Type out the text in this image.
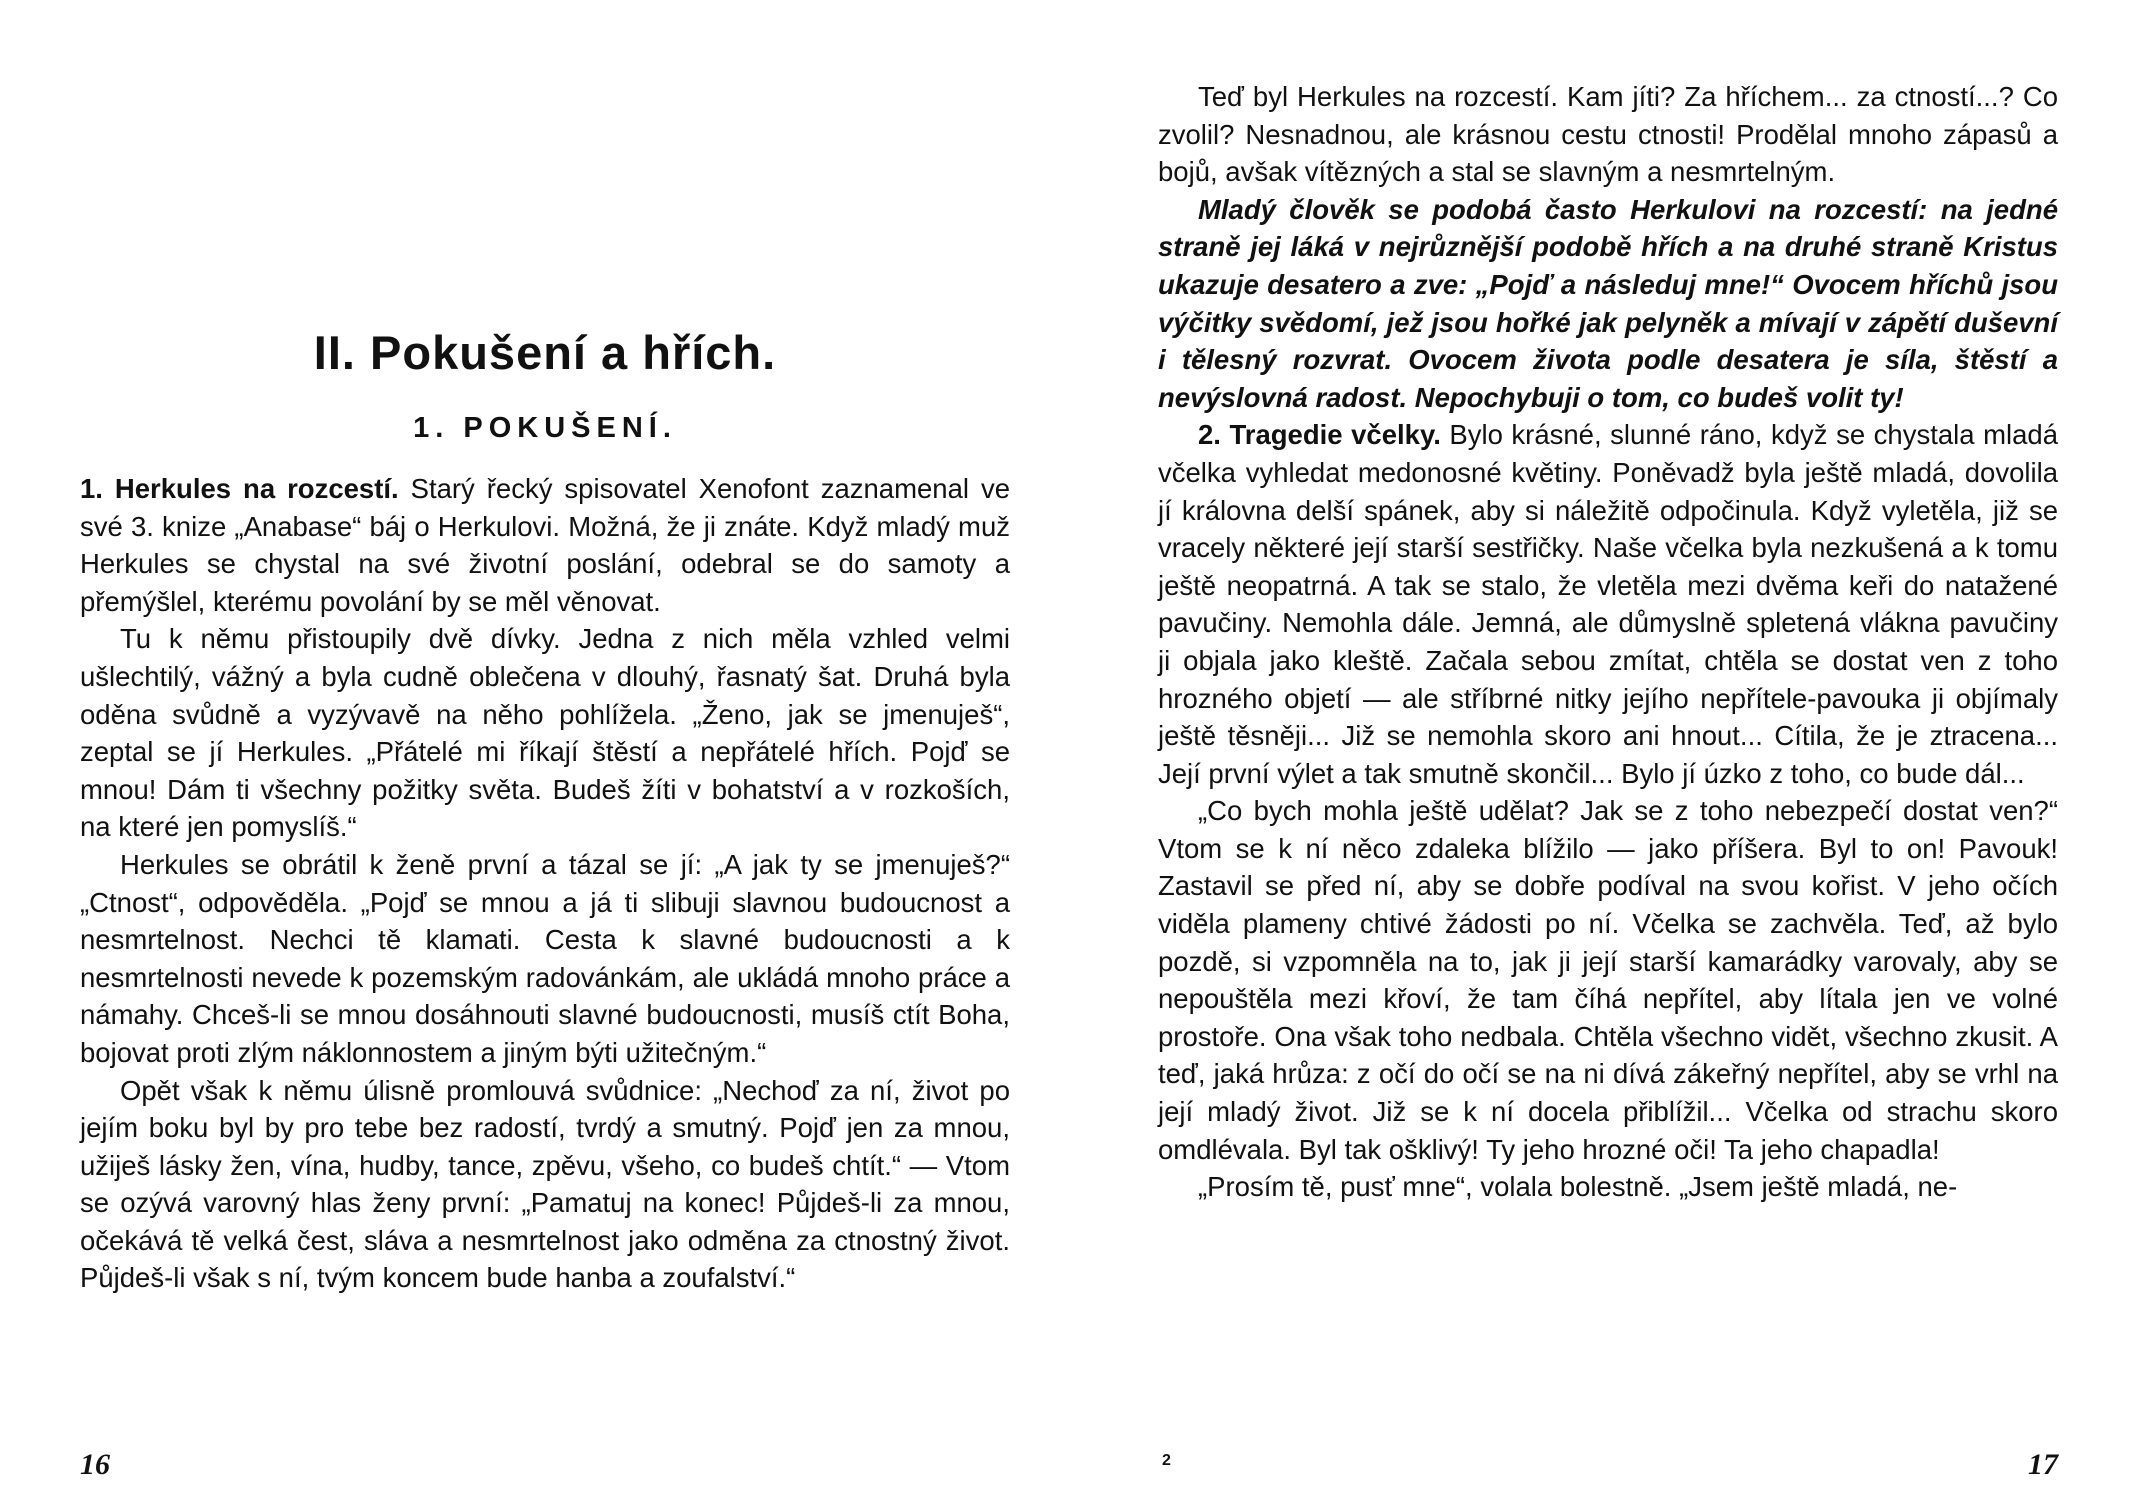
II. Pokušení a hřích.
1. POKUŠENÍ.

1. Herkules na rozcestí. Starý řecký spisovatel Xenofont zaznamenal ve své 3. knize „Anabase“ báj o Herkulovi. Možná, že ji znáte. Když mladý muž Herkules se chystal na své životní poslání, odebral se do samoty a přemýšlel, kterému povolání by se měl věnovat.

Tu k němu přistoupily dvě dívky. Jedna z nich měla vzhled velmi ušlechtilý, vážný a byla cudně oblečena v dlouhý, řasnatý šat. Druhá byla oděna svůdně a vyzývavě na něho pohlížela. „Ženo, jak se jmenuješ“, zeptal se jí Herkules. „Přátelé mi říkají štěstí a nepřátelé hřích. Pojď se mnou! Dám ti všechny požitky světa. Budeš žíti v bohatství a v rozkoších, na které jen pomyslíš.“

Herkules se obrátil k ženě první a tázal se jí: „A jak ty se jmenuješ?“ „Ctnost“, odpověděla. „Pojď se mnou a já ti slibuji slavnou budoucnost a nesmrtelnost. Nechci tě klamati. Cesta k slavné budoucnosti a k nesmrtelnosti nevede k pozemským radovánkám, ale ukládá mnoho práce a námahy. Chceš-li se mnou dosáhnouti slavné budoucnosti, musíš ctít Boha, bojovat proti zlým náklonnostem a jiným býti užitečným.“

Opět však k němu úlisně promlouvá svůdnice: „Nechoď za ní, život po jejím boku byl by pro tebe bez radostí, tvrdý a smutný. Pojď jen za mnou, užiješ lásky žen, vína, hudby, tance, zpěvu, všeho, co budeš chtít.“ — Vtom se ozývá varovný hlas ženy první: „Pamatuj na konec! Půjdeš-li za mnou, očekává tě velká čest, sláva a nesmrtelnost jako odměna za ctnostný život. Půjdeš-li však s ní, tvým koncem bude hanba a zoufalství.“

16

Teď byl Herkules na rozcestí. Kam jíti? Za hříchem... za ctností...? Co zvolil? Nesnadnou, ale krásnou cestu ctnosti! Prodělal mnoho zápasů a bojů, avšak vítězných a stal se slavným a nesmrtelným.

Mladý člověk se podobá často Herkulovi na rozcestí: na jedné straně jej láká v nejrůznější podobě hřích a na druhé straně Kristus ukazuje desatero a zve: „Pojď a následuj mne!“ Ovocem hříchů jsou výčitky svědomí, jež jsou hořké jak pelyněk a mívají v zápětí duševní i tělesný rozvrat. Ovocem života podle desatera je síla, štěstí a nevýslovná radost. Nepochybuji o tom, co budeš volit ty!

2. Tragedie včelky. Bylo krásné, slunné ráno, když se chystala mladá včelka vyhledat medonosné květiny. Poněvadž byla ještě mladá, dovolila jí královna delší spánek, aby si náležitě odpočinula. Když vyletěla, již se vracely některé její starší sestřičky. Naše včelka byla nezkušená a k tomu ještě neopatrná. A tak se stalo, že vletěla mezi dvěma keři do natažené pavučiny. Nemohla dále. Jemná, ale důmyslně spletená vlákna pavučiny ji objala jako kleště. Začala sebou zmítat, chtěla se dostat ven z toho hrozného objetí — ale stříbrné nitky jejího nepřítele-pavouka ji objímaly ještě těsněji... Již se nemohla skoro ani hnout... Cítila, že je ztracena... Její první výlet a tak smutně skončil... Bylo jí úzko z toho, co bude dál...

„Co bych mohla ještě udělat? Jak se z toho nebezpečí dostat ven?“ Vtom se k ní něco zdaleka blížilo — jako příšera. Byl to on! Pavouk! Zastavil se před ní, aby se dobře podíval na svou kořist. V jeho očích viděla plameny chtivé žádosti po ní. Včelka se zachvěla. Teď, až bylo pozdě, si vzpomněla na to, jak ji její starší kamarádky varovaly, aby se nepouštěla mezi křoví, že tam číhá nepřítel, aby lítala jen ve volné prostoře. Ona však toho nedbala. Chtěla všechno vidět, všechno zkusit. A teď, jaká hrůza: z očí do očí se na ni dívá zákeřný nepřítel, aby se vrhl na její mladý život. Již se k ní docela přiblížil... Včelka od strachu skoro omdlévala. Byl tak ošklivý! Ty jeho hrozné oči! Ta jeho chapadla!

„Prosím tě, pusť mne“, volala bolestně. „Jsem ještě mladá, ne-

2	17
